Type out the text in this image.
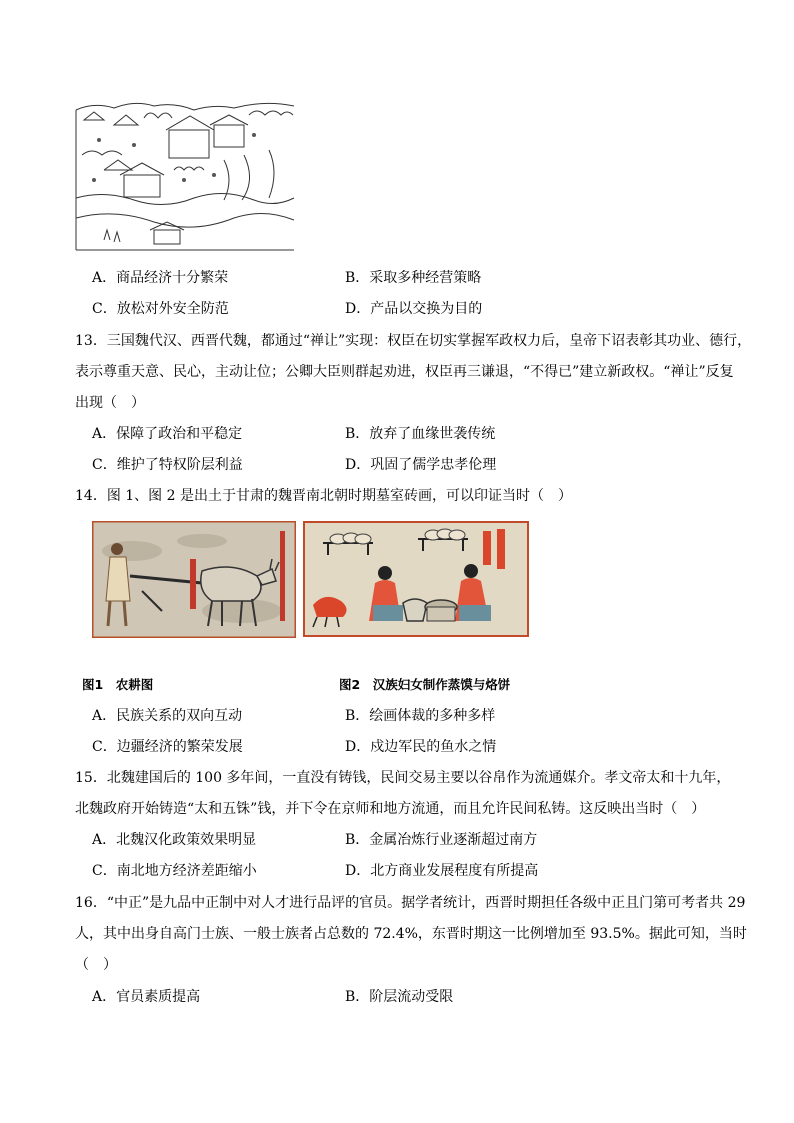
A．商品经济十分繁荣	B．采取多种经营策略
C．放松对外安全防范	D．产品以交换为目的
13．三国魏代汉、西晋代魏，都通过“禅让”实现：权臣在切实掌握军政权力后，皇帝下诏表彰其功业、德行，
表示尊重天意、民心，主动让位；公卿大臣则群起劝进，权臣再三谦退，“不得已”建立新政权。“禅让”反复
出现（　）
A．保障了政治和平稳定	B．放弃了血缘世袭传统
C．维护了特权阶层利益	D．巩固了儒学忠孝伦理
14．图 1、图 2 是出土于甘肃的魏晋南北朝时期墓室砖画，可以印证当时（　）
图1　农耕图	图2　汉族妇女制作蒸馍与烙饼
A．民族关系的双向互动	B．绘画体裁的多种多样
C．边疆经济的繁荣发展	D．戍边军民的鱼水之情
15．北魏建国后的 100 多年间，一直没有铸钱，民间交易主要以谷帛作为流通媒介。孝文帝太和十九年，
北魏政府开始铸造“太和五铢”钱，并下令在京师和地方流通，而且允许民间私铸。这反映出当时（　）
A．北魏汉化政策效果明显	B．金属冶炼行业逐渐超过南方
C．南北地方经济差距缩小	D．北方商业发展程度有所提高
16．“中正”是九品中正制中对人才进行品评的官员。据学者统计，西晋时期担任各级中正且门第可考者共 29
人，其中出身自高门士族、一般士族者占总数的 72.4%，东晋时期这一比例增加至 93.5%。据此可知，当时
（　）
A．官员素质提高	B．阶层流动受限
